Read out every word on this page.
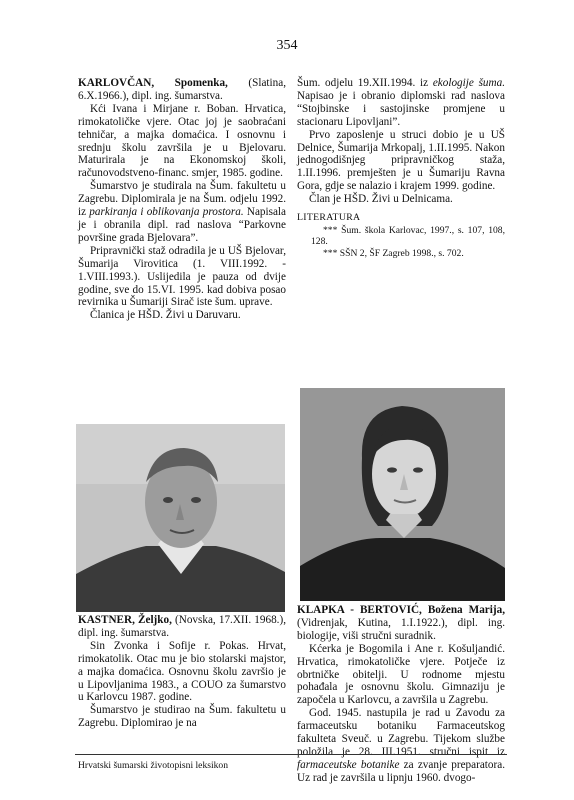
354

KARLOVČAN, Spomenka, (Slatina, 6.X.1966.), dipl. ing. šumarstva.

Kći Ivana i Mirjane r. Boban. Hrvatica, rimokatoličke vjere. Otac joj je saobraćani tehničar, a majka domaćica. I osnovnu i srednju školu završila je u Bjelovaru. Maturirala je na Ekonomskoj školi, računovodstveno-financ. smjer, 1985. godine.

Šumarstvo je studirala na Šum. fakultetu u Zagrebu. Diplomirala je na Šum. odjelu 1992. iz parkiranja i oblikovanja prostora. Napisala je i obranila dipl. rad naslova “Parkovne površine grada Bjelovara”.

Pripravnički staž odradila je u UŠ Bjelovar, Šumarija Virovitica (1. VIII.1992. - 1.VIII.1993.). Uslijedila je pauza od dvije godine, sve do 15.VI. 1995. kad dobiva posao revirnika u Šumariji Sirač iste šum. uprave.

Članica je HŠD. Živi u Daruvaru.

Šum. odjelu 19.XII.1994. iz ekologije šuma. Napisao je i obranio diplomski rad naslova “Stojbinske i sastojinske promjene u stacionaru Lipovljani”.

Prvo zaposlenje u struci dobio je u UŠ Delnice, Šumarija Mrkopalj, 1.II.1995. Nakon jednogodišnjeg pripravničkog staža, 1.II.1996. premješten je u Šumariju Ravna Gora, gdje se nalazio i krajem 1999. godine.

Član je HŠD. Živi u Delnicama.

LITERATURA
*** Šum. škola Karlovac, 1997., s. 107, 108, 128.
*** SŠN 2, ŠF Zagreb 1998., s. 702.

KASTNER, Željko, (Novska, 17.XII. 1968.), dipl. ing. šumarstva.

Sin Zvonka i Sofije r. Pokas. Hrvat, rimokatolik. Otac mu je bio stolarski majstor, a majka domaćica. Osnovnu školu završio je u Lipovljanima 1983., a COUO za šumarstvo u Karlovcu 1987. godine.

Šumarstvo je studirao na Šum. fakultetu u Zagrebu. Diplomirao je na

KLAPKA - BERTOVIĆ, Božena Marija, (Vidrenjak, Kutina, 1.I.1922.), dipl. ing. biologije, viši stručni suradnik.

Kćerka je Bogomila i Ane r. Košuljandić. Hrvatica, rimokatoličke vjere. Potječe iz obrtničke obitelji. U rodnome mjestu pohađala je osnovnu školu. Gimnaziju je započela u Karlovcu, a završila u Zagrebu.

God. 1945. nastupila je rad u Zavodu za farmaceutsku botaniku Farmaceutskog fakulteta Sveuč. u Zagrebu. Tijekom službe položila je 28. III.1951. stručni ispit iz farmaceutske botanike za zvanje preparatora. Uz rad je završila u lipnju 1960. dvogo-

Hrvatski šumarski životopisni leksikon
